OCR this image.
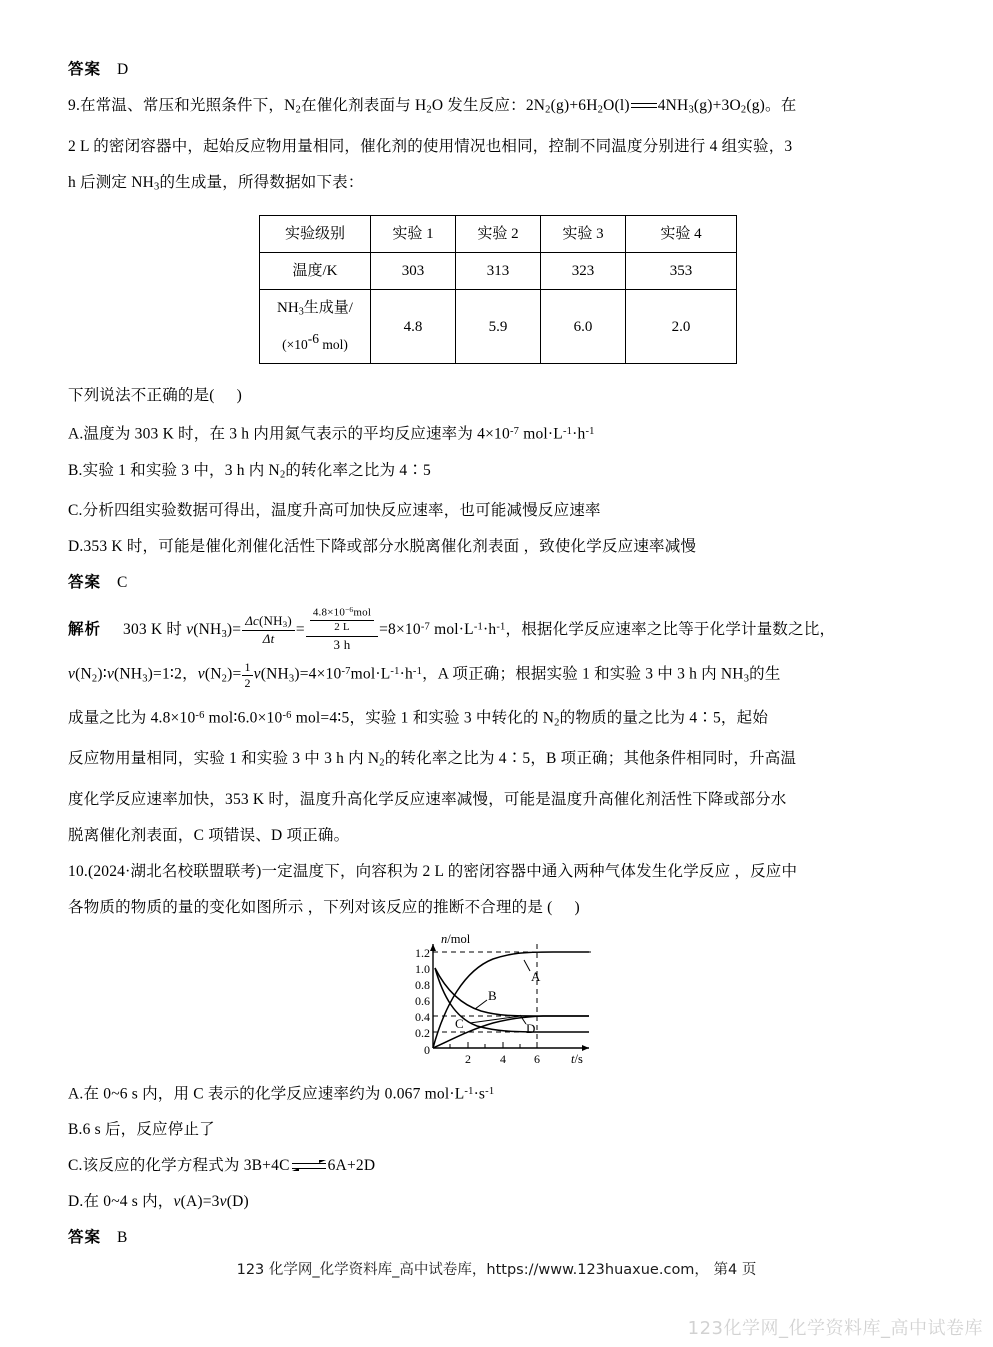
答案 D
9.在常温、常压和光照条件下，$N_2$在催化剂表面与 $H_2O$ 发生反应：$2N_2(g)+6H_2O(l)$ $4NH_3(g)+3O_2(g)$。在
2 L 的密闭容器中，起始反应物用量相同，催化剂的使用情况也相同，控制不同温度分别进行 4 组实验，3
h 后测定 $NH_3$的生成量，所得数据如下表：
实验级别	实验 1	实验 2	实验 3	实验 4
温度/K	303	313	323	353
$NH_3$生成量/
($\times 10^{-6}$ mol)	4.8	5.9	6.0	2.0
下列说法不正确的是( )
A.温度为 303 K 时，在 3 h 内用氮气表示的平均反应速率为 $4\times 10^{-7}$ $mol\cdot L^{-1}\cdot h^{-1}$
B.实验 1 和实验 3 中，3 h 内 $N_2$的转化率之比为 4∶5
C.分析四组实验数据可得出，温度升高可加快反应速率，也可能减慢反应速率
D.353 K 时，可能是催化剂催化活性下降或部分水脱离催化剂表面 ，致使化学反应速率减慢
答案 C
解析 303 K 时 $v(NH_3)= \frac{\Delta c(NH_3)}{\Delta t} = \frac{\frac{4.8\times 10^{-6}mol}{2 L}}{3 h} =8\times 10^{-7}$ $mol\cdot L^{-1}\cdot h^{-1}$，根据化学反应速率之比等于化学计量数之比，
$v(N_2)∶v(NH_3)=1∶2$，$v(N_2)= \frac{1}{2} v(NH_3)=4\times 10^{-7}mol\cdot L^{-1}\cdot h^{-1}$，A 项正确；根据实验 1 和实验 3 中 3 h 内 $NH_3$的生
成量之比为 $4.8\times 10^{-6}$ $mol∶6.0\times 10^{-6}$ mol=4∶5，实验 1 和实验 3 中转化的 $N_2$的物质的量之比为 4∶5，起始
反应物用量相同，实验 1 和实验 3 中 3 h 内 $N_2$的转化率之比为 4∶5，B 项正确；其他条件相同时，升高温
度化学反应速率加快，353 K 时，温度升高化学反应速率减慢，可能是温度升高催化剂活性下降或部分水
脱离催化剂表面，C 项错误、D 项正确。
10.(2024·湖北名校联盟联考)一定温度下，向容积为 2 L 的密闭容器中通入两种气体发生化学反应 ，反应中
各物质的物质的量的变化如图所示 ，下列对该反应的推断不合理的是 ( )
A
B
C	D
1.2
1.0
0.8
0.6
0.4
0.2
0
2 4 6
n/mol
t/s
A.在 0~6 s 内，用 C 表示的化学反应速率约为 0.067 $mol\cdot L^{-1}\cdot s^{-1}$
B.6 s 后，反应停止了
C.该反应的化学方程式为 3B+4C 6A+2D
D.在 0~4 s 内，v(A)=3v(D)
答案 B
123 化学网_化学资料库_高中试卷库，https://www.123huaxue.com， 第4 页
123化学网_化学资料库_高中试卷库
